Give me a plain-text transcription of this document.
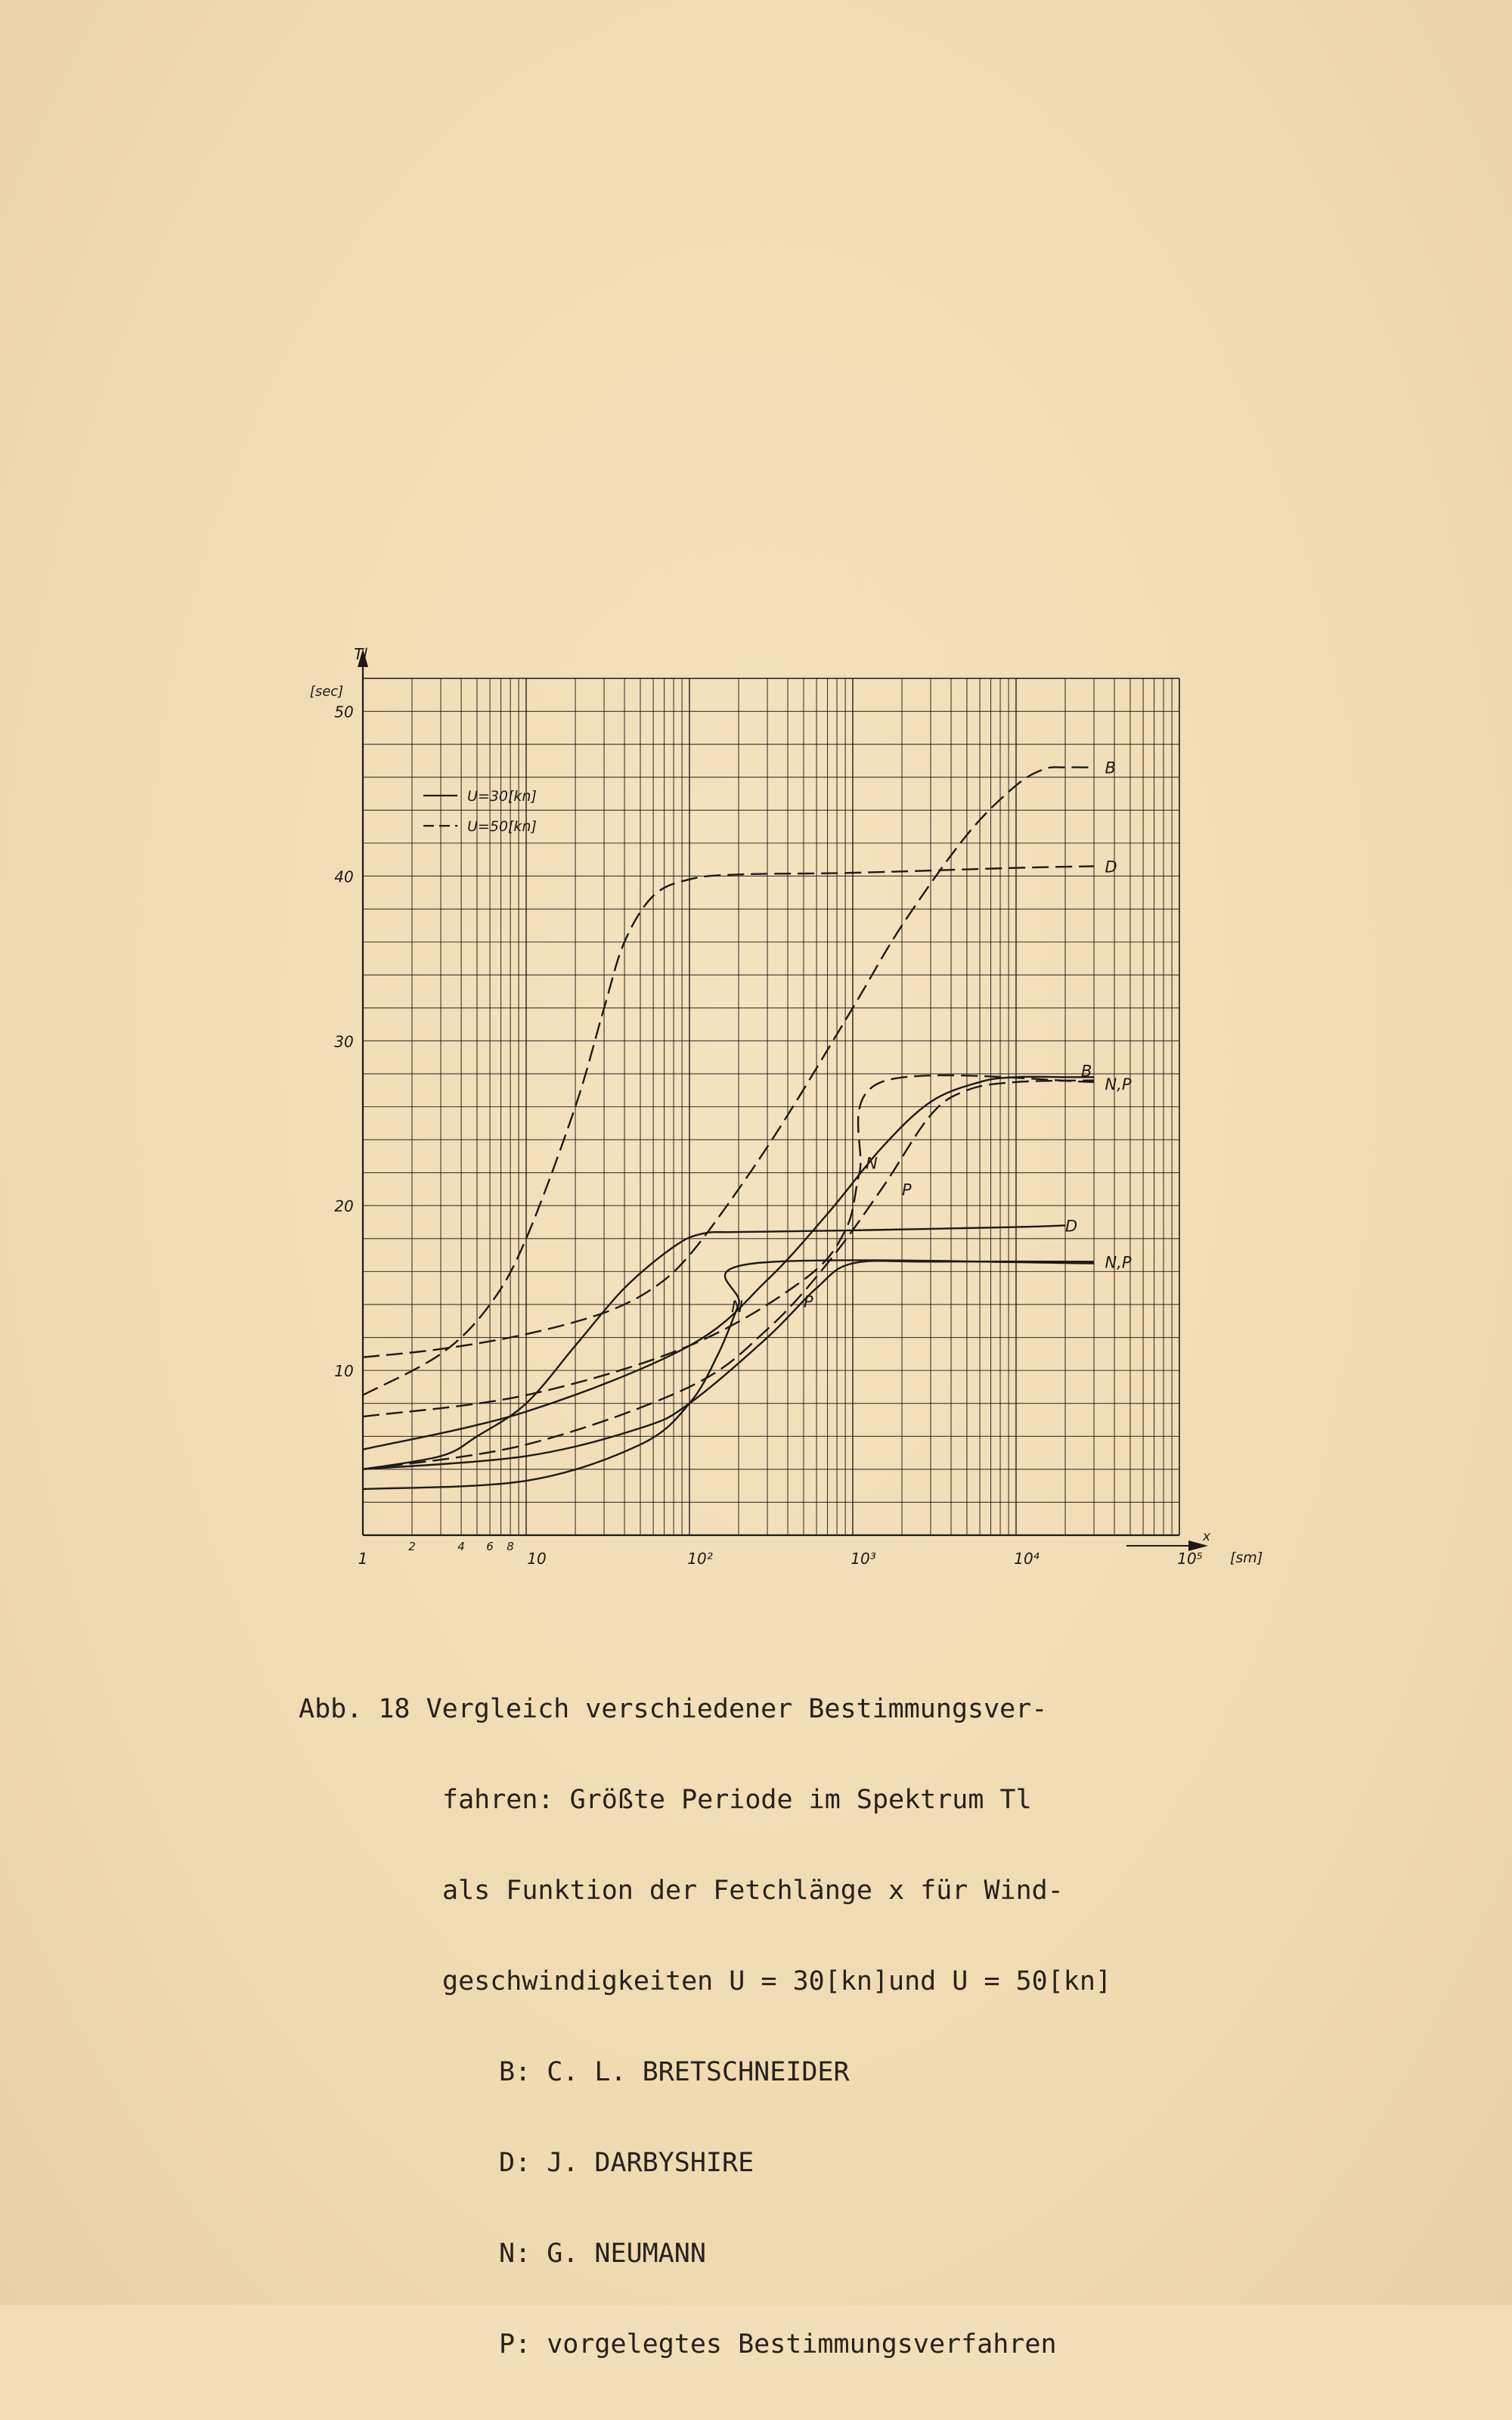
Tl
[sec]
x
[sm]
10
20
30
40
50
1
2	4 6 8
10	10²	10³	10⁴	10⁵
B
D
B
N,P
N
P
D
N,P
N	P
U=30[kn]
U=50[kn]

Abb. 18 Vergleich verschiedener Bestimmungsver-

fahren: Größte Periode im Spektrum Tl

als Funktion der Fetchlänge x für Wind-

geschwindigkeiten U = 30[kn]und U = 50[kn]

B: C. L. BRETSCHNEIDER

D: J. DARBYSHIRE

N: G. NEUMANN

P: vorgelegtes Bestimmungsverfahren
